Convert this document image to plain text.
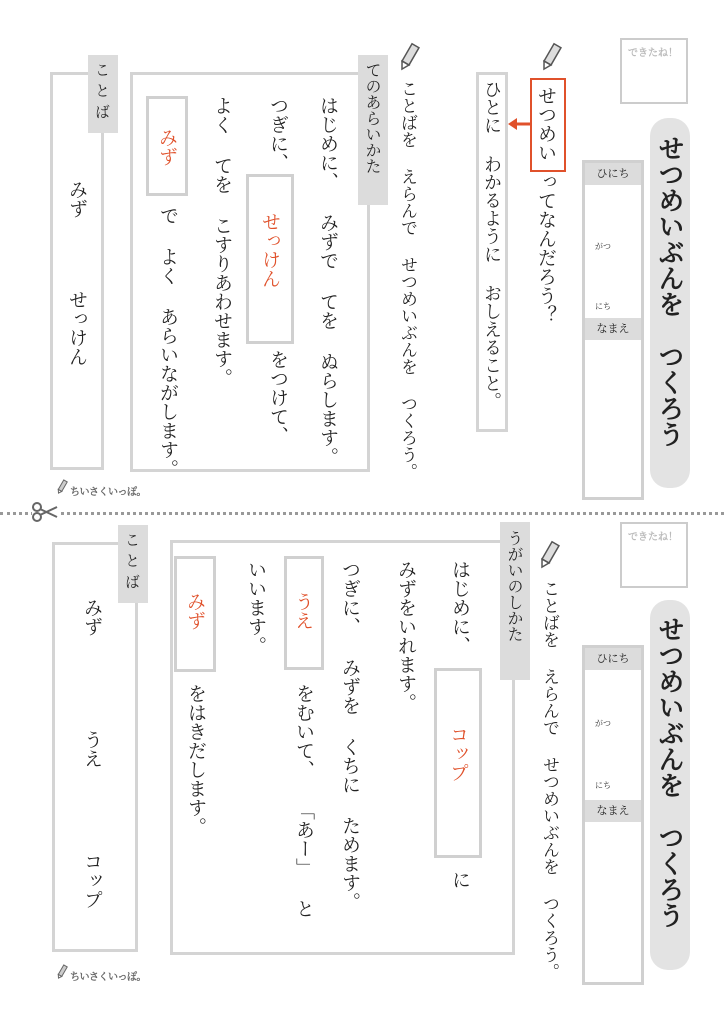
せつめいぶんを　つくろう
できたね！
ひにち
がつ
にち
なまえ
せつめい
ってなんだろう？
ひとに わかるように おしえること。
ことばを えらんで せつめいぶんを つくろう。
てのあらいかた
はじめに、 みずで てを ぬらします。
つぎに、
せっけん
をつけて、
よく てを こすりあわせます。
みず
で よく あらいながします。
ことば
みず
せっけん
ちいさくいっぽ。
せつめいぶんを　つくろう
できたね！
ひにち
がつ
にち
なまえ
ことばを えらんで せつめいぶんを つくろう。
うがいのしかた
はじめに、
コップ
に
みずをいれます。
つぎに、 みずを くちに ためます。
うえ
をむいて、 「あー」 と
いいます。
みず
をはきだします。
ことば
みず
うえ
コップ
ちいさくいっぽ。
